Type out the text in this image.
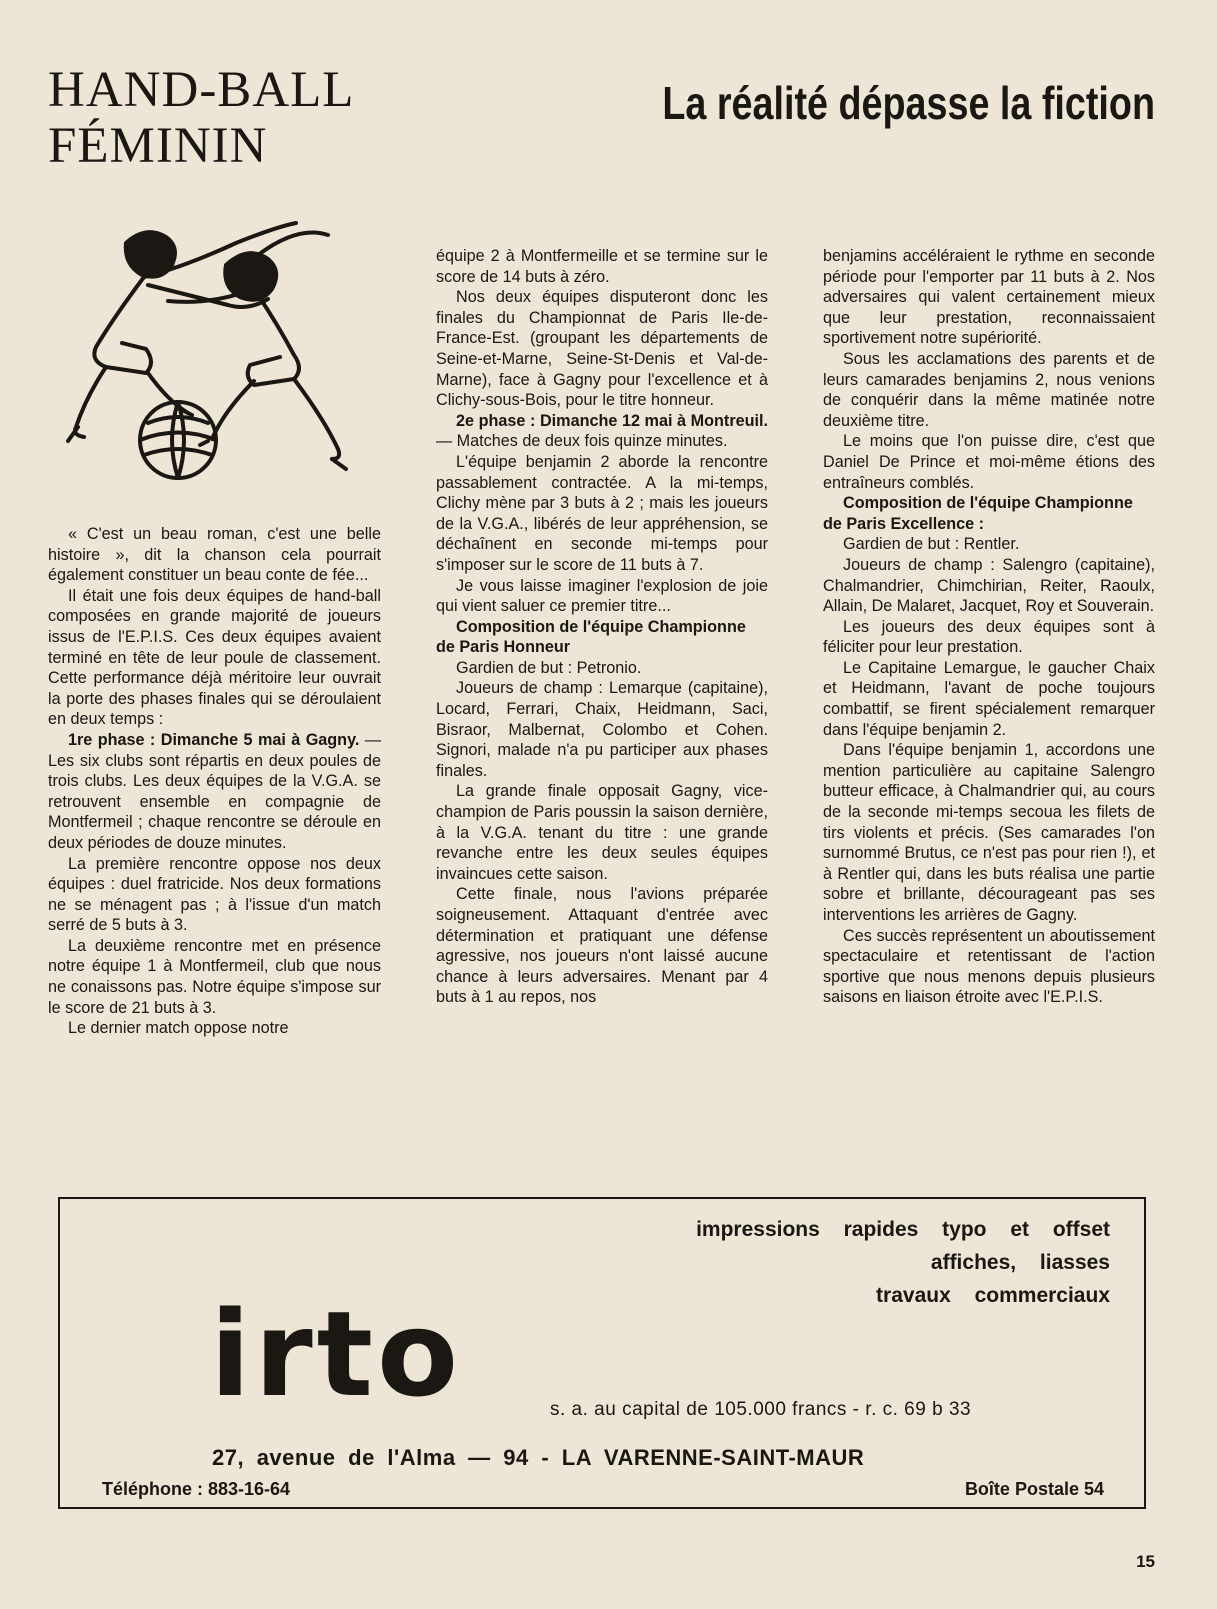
HAND-BALL
FÉMININ
La réalité dépasse la fiction

« C'est un beau roman, c'est une belle histoire », dit la chanson cela pourrait également constituer un beau conte de fée...

Il était une fois deux équipes de hand-ball composées en grande majorité de joueurs issus de l'E.P.I.S. Ces deux équipes avaient terminé en tête de leur poule de classement. Cette performance déjà méritoire leur ouvrait la porte des phases finales qui se déroulaient en deux temps :

1re phase : Dimanche 5 mai à Gagny. — Les six clubs sont répartis en deux poules de trois clubs. Les deux équipes de la V.G.A. se retrouvent ensemble en compagnie de Montfermeil ; chaque rencontre se déroule en deux périodes de douze minutes.

La première rencontre oppose nos deux équipes : duel fratricide. Nos deux formations ne se ménagent pas ; à l'issue d'un match serré de 5 buts à 3.

La deuxième rencontre met en présence notre équipe 1 à Montfermeil, club que nous ne conaissons pas. Notre équipe s'impose sur le score de 21 buts à 3.

Le dernier match oppose notre

équipe 2 à Montfermeille et se termine sur le score de 14 buts à zéro.

Nos deux équipes disputeront donc les finales du Championnat de Paris Ile-de-France-Est. (groupant les départements de Seine-et-Marne, Seine-St-Denis et Val-de-Marne), face à Gagny pour l'excellence et à Clichy-sous-Bois, pour le titre honneur.

2e phase : Dimanche 12 mai à Montreuil. — Matches de deux fois quinze minutes.

L'équipe benjamin 2 aborde la rencontre passablement contractée. A la mi-temps, Clichy mène par 3 buts à 2 ; mais les joueurs de la V.G.A., libérés de leur appréhension, se déchaînent en seconde mi-temps pour s'imposer sur le score de 11 buts à 7.

Je vous laisse imaginer l'explosion de joie qui vient saluer ce premier titre...

Composition de l'équipe Championne de Paris Honneur

Gardien de but : Petronio.

Joueurs de champ : Lemarque (capitaine), Locard, Ferrari, Chaix, Heidmann, Saci, Bisraor, Malbernat, Colombo et Cohen. Signori, malade n'a pu participer aux phases finales.

La grande finale opposait Gagny, vice-champion de Paris poussin la saison dernière, à la V.G.A. tenant du titre : une grande revanche entre les deux seules équipes invaincues cette saison.

Cette finale, nous l'avions préparée soigneusement. Attaquant d'entrée avec détermination et pratiquant une défense agressive, nos joueurs n'ont laissé aucune chance à leurs adversaires. Menant par 4 buts à 1 au repos, nos

benjamins accéléraient le rythme en seconde période pour l'emporter par 11 buts à 2. Nos adversaires qui valent certainement mieux que leur prestation, reconnaissaient sportivement notre supériorité.

Sous les acclamations des parents et de leurs camarades benjamins 2, nous venions de conquérir dans la même matinée notre deuxième titre.

Le moins que l'on puisse dire, c'est que Daniel De Prince et moi-même étions des entraîneurs comblés.

Composition de l'équipe Championne de Paris Excellence :

Gardien de but : Rentler.

Joueurs de champ : Salengro (capitaine), Chalmandrier, Chimchirian, Reiter, Raoulx, Allain, De Malaret, Jacquet, Roy et Souverain.

Les joueurs des deux équipes sont à féliciter pour leur prestation.

Le Capitaine Lemargue, le gaucher Chaix et Heidmann, l'avant de poche toujours combattif, se firent spécialement remarquer dans l'équipe benjamin 2.

Dans l'équipe benjamin 1, accordons une mention particulière au capitaine Salengro butteur efficace, à Chalmandrier qui, au cours de la seconde mi-temps secoua les filets de tirs violents et précis. (Ses camarades l'on surnommé Brutus, ce n'est pas pour rien !), et à Rentler qui, dans les buts réalisa une partie sobre et brillante, décourageant pas ses interventions les arrières de Gagny.

Ces succès représentent un aboutissement spectaculaire et retentissant de l'action sportive que nous menons depuis plusieurs saisons en liaison étroite avec l'E.P.I.S.

impressions rapides typo et offset
affiches, liasses
travaux commerciaux
irto	s. a. au capital de 105.000 francs - r. c. 69 b 33
27, avenue de l'Alma — 94 - LA VARENNE-SAINT-MAUR
Téléphone : 883-16-64	Boîte Postale 54
15
